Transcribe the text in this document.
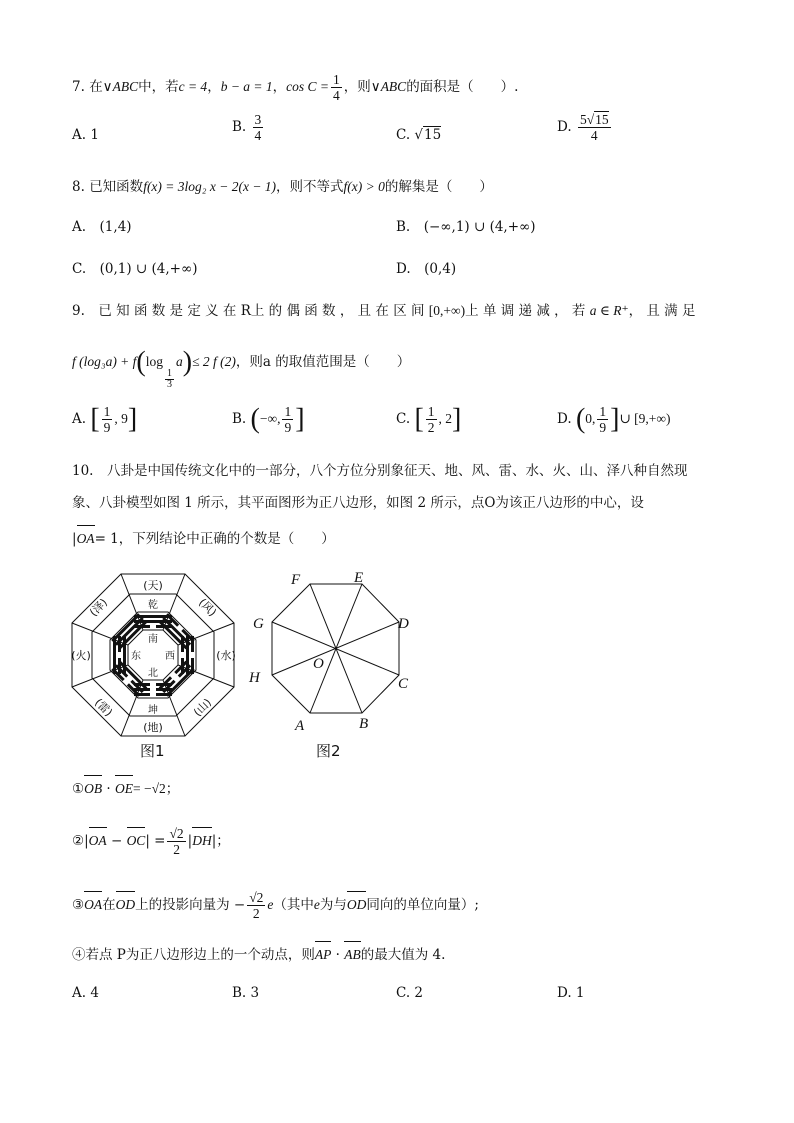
7. 在∨ABC中，若c = 4，b − a = 1，$\cos C = \frac{1}{4}$ ，则∨ABC的面积是（　　）.
A. 1	B. $\frac{3}{4}$	C. √15	D. $\frac{5√15}{4}$
8. 已知函数f(x) = 3log₂ x − 2(x − 1)，则不等式f(x) > 0的解集是（　　）
A.　(1,4)	B.　(−∞,1) ∪ (4,+∞)
C.　(0,1) ∪ (4,+∞)	D.　(0,4)
9.　已 知 函 数 是 定 义 在 R上 的 偶 函 数 ， 且 在 区 间 [0,+∞)上 单 调 递 减 ， 若 a ∈ R⁺， 且 满 足
f (log₃a) + f(log
$\frac{1}{3}$
a)≤ 2 f (2)，则a 的取值范围是（　　）
A. [ $\frac{1}{9}$ , 9]	B. (−∞, $\frac{1}{9}$ ]	C. [ $\frac{1}{2}$ , 2]	D. (0, $\frac{1}{9}$ ]∪ [9,+∞)
10.　八卦是中国传统文化中的一部分，八个方位分别象征天、地、风、雷、水、火、山、泽八种自然现
象、八卦模型如图 1 所示，其平面图形为正八边形，如图 2 所示，点O为该正八边形的中心，设
|OA= 1，下列结论中正确的个数是（　　）
(天)
(风)
(水)
(山)
(地)
(雷)
(火)
(泽)	乾
坤
南
西
北
东
图1
A	B
C
D
E
F
G
H
O
图2
①OB · OE= −√2；
②|OA − $OC| = \frac{√2}{2} |DH|$；
③OA在OD上的投影向量为 − $\frac{√2}{2} e$（其中e为与OD同向的单位向量）;
④若点 P为正八边形边上的一个动点，则AP · AB的最大值为 4.
A. 4	B. 3	C. 2	D. 1
